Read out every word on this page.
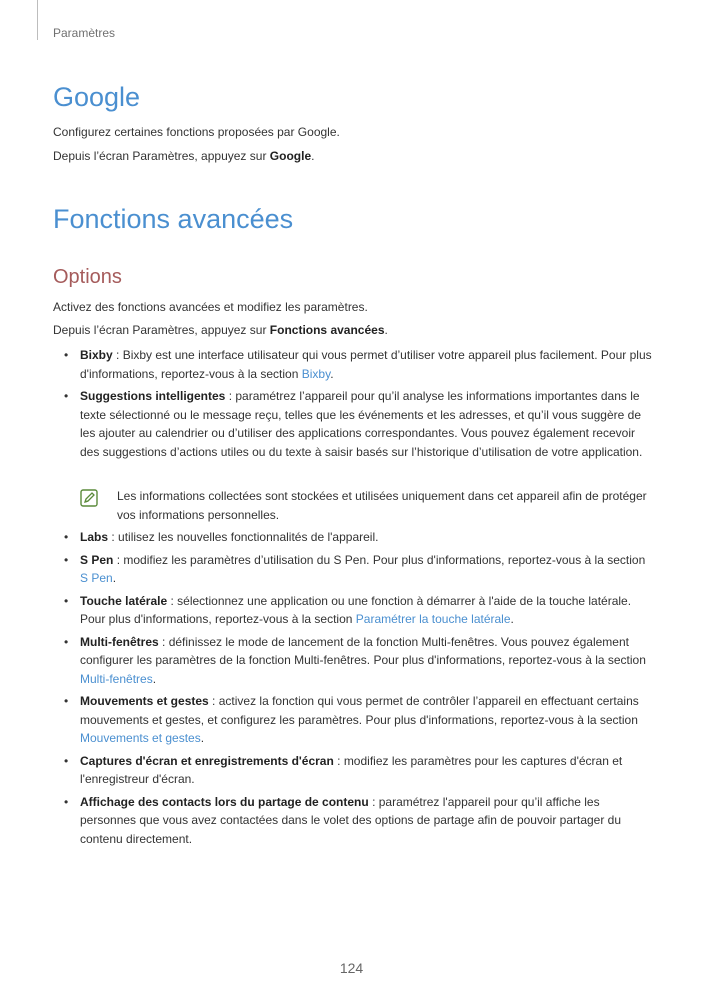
Paramètres
Google

Configurez certaines fonctions proposées par Google.

Depuis l’écran Paramètres, appuyez sur Google.

Fonctions avancées
Options

Activez des fonctions avancées et modifiez les paramètres.

Depuis l’écran Paramètres, appuyez sur Fonctions avancées.

• Bixby : Bixby est une interface utilisateur qui vous permet d’utiliser votre appareil plus facilement. Pour plus d'informations, reportez-vous à la section Bixby.
• Suggestions intelligentes : paramétrez l’appareil pour qu’il analyse les informations importantes dans le texte sélectionné ou le message reçu, telles que les événements et les adresses, et qu’il vous suggère de les ajouter au calendrier ou d’utiliser des applications correspondantes. Vous pouvez également recevoir des suggestions d’actions utiles ou du texte à saisir basés sur l’historique d’utilisation de votre application.
Les informations collectées sont stockées et utilisées uniquement dans cet appareil afin de protéger vos informations personnelles.
• Labs : utilisez les nouvelles fonctionnalités de l'appareil.
• S Pen : modifiez les paramètres d’utilisation du S Pen. Pour plus d'informations, reportez-vous à la section S Pen.
• Touche latérale : sélectionnez une application ou une fonction à démarrer à l'aide de la touche latérale. Pour plus d'informations, reportez-vous à la section Paramétrer la touche latérale.
• Multi-fenêtres : définissez le mode de lancement de la fonction Multi-fenêtres. Vous pouvez également configurer les paramètres de la fonction Multi-fenêtres. Pour plus d'informations, reportez-vous à la section Multi-fenêtres.
• Mouvements et gestes : activez la fonction qui vous permet de contrôler l’appareil en effectuant certains mouvements et gestes, et configurez les paramètres. Pour plus d'informations, reportez-vous à la section Mouvements et gestes.
• Captures d'écran et enregistrements d'écran : modifiez les paramètres pour les captures d'écran et l'enregistreur d'écran.
• Affichage des contacts lors du partage de contenu : paramétrez l'appareil pour qu’il affiche les personnes que vous avez contactées dans le volet des options de partage afin de pouvoir partager du contenu directement.
124
